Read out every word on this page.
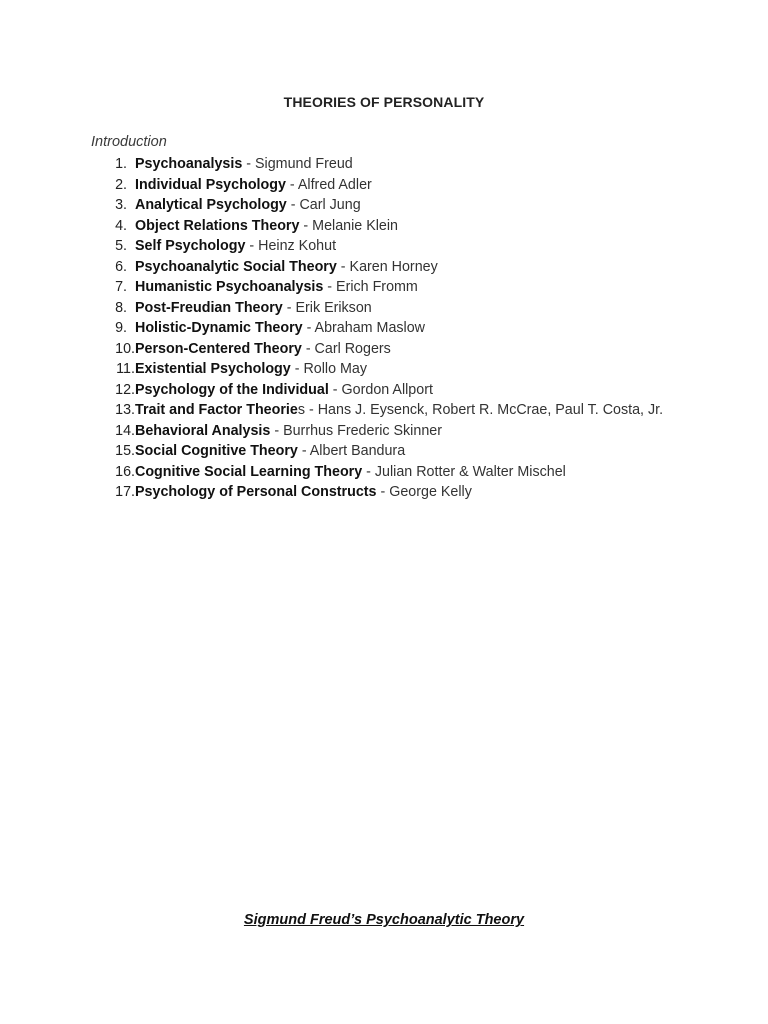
THEORIES OF PERSONALITY

Introduction

1. Psychoanalysis - Sigmund Freud
2. Individual Psychology - Alfred Adler
3. Analytical Psychology - Carl Jung
4. Object Relations Theory - Melanie Klein
5. Self Psychology - Heinz Kohut
6. Psychoanalytic Social Theory - Karen Horney
7. Humanistic Psychoanalysis - Erich Fromm
8. Post-Freudian Theory - Erik Erikson
9. Holistic-Dynamic Theory - Abraham Maslow
10. Person-Centered Theory - Carl Rogers
11. Existential Psychology - Rollo May
12. Psychology of the Individual - Gordon Allport
13. Trait and Factor Theories - Hans J. Eysenck, Robert R. McCrae, Paul T. Costa, Jr.
14. Behavioral Analysis - Burrhus Frederic Skinner
15. Social Cognitive Theory - Albert Bandura
16. Cognitive Social Learning Theory - Julian Rotter & Walter Mischel
17. Psychology of Personal Constructs - George Kelly
Sigmund Freud’s Psychoanalytic Theory
